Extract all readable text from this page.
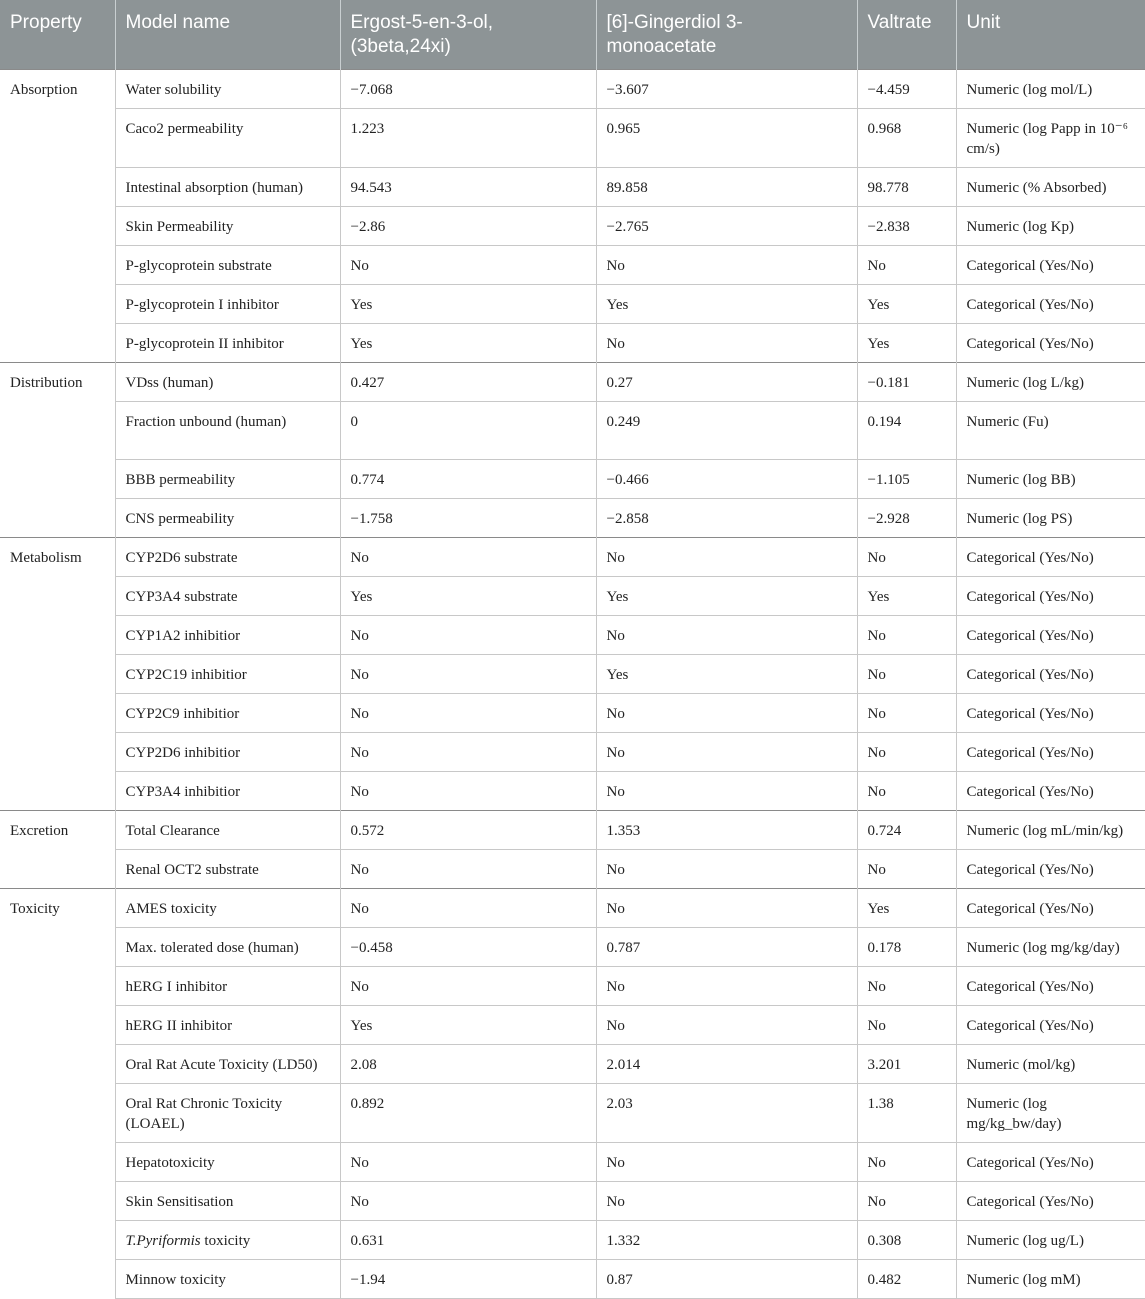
Property	Model name	Ergost-5-en-3-ol, (3beta,24xi)	[6]-Gingerdiol 3-monoacetate	Valtrate	Unit
Absorption	Water solubility	−7.068	−3.607	−4.459	Numeric (log mol/L)
	Caco2 permeability	1.223	0.965	0.968	Numeric (log Papp in 10⁻⁶ cm/s)
	Intestinal absorption (human)	94.543	89.858	98.778	Numeric (% Absorbed)
	Skin Permeability	−2.86	−2.765	−2.838	Numeric (log Kp)
	P-glycoprotein substrate	No	No	No	Categorical (Yes/No)
	P-glycoprotein I inhibitor	Yes	Yes	Yes	Categorical (Yes/No)
	P-glycoprotein II inhibitor	Yes	No	Yes	Categorical (Yes/No)
Distribution	VDss (human)	0.427	0.27	−0.181	Numeric (log L/kg)
	Fraction unbound (human)	0	0.249	0.194	Numeric (Fu)
	BBB permeability	0.774	−0.466	−1.105	Numeric (log BB)
	CNS permeability	−1.758	−2.858	−2.928	Numeric (log PS)
Metabolism	CYP2D6 substrate	No	No	No	Categorical (Yes/No)
	CYP3A4 substrate	Yes	Yes	Yes	Categorical (Yes/No)
	CYP1A2 inhibitior	No	No	No	Categorical (Yes/No)
	CYP2C19 inhibitior	No	Yes	No	Categorical (Yes/No)
	CYP2C9 inhibitior	No	No	No	Categorical (Yes/No)
	CYP2D6 inhibitior	No	No	No	Categorical (Yes/No)
	CYP3A4 inhibitior	No	No	No	Categorical (Yes/No)
Excretion	Total Clearance	0.572	1.353	0.724	Numeric (log mL/min/kg)
	Renal OCT2 substrate	No	No	No	Categorical (Yes/No)
Toxicity	AMES toxicity	No	No	Yes	Categorical (Yes/No)
	Max. tolerated dose (human)	−0.458	0.787	0.178	Numeric (log mg/kg/day)
	hERG I inhibitor	No	No	No	Categorical (Yes/No)
	hERG II inhibitor	Yes	No	No	Categorical (Yes/No)
	Oral Rat Acute Toxicity (LD50)	2.08	2.014	3.201	Numeric (mol/kg)
	Oral Rat Chronic Toxicity (LOAEL)	0.892	2.03	1.38	Numeric (log mg/kg_bw/day)
	Hepatotoxicity	No	No	No	Categorical (Yes/No)
	Skin Sensitisation	No	No	No	Categorical (Yes/No)
	T.Pyriformis toxicity	0.631	1.332	0.308	Numeric (log ug/L)
	Minnow toxicity	−1.94	0.87	0.482	Numeric (log mM)
